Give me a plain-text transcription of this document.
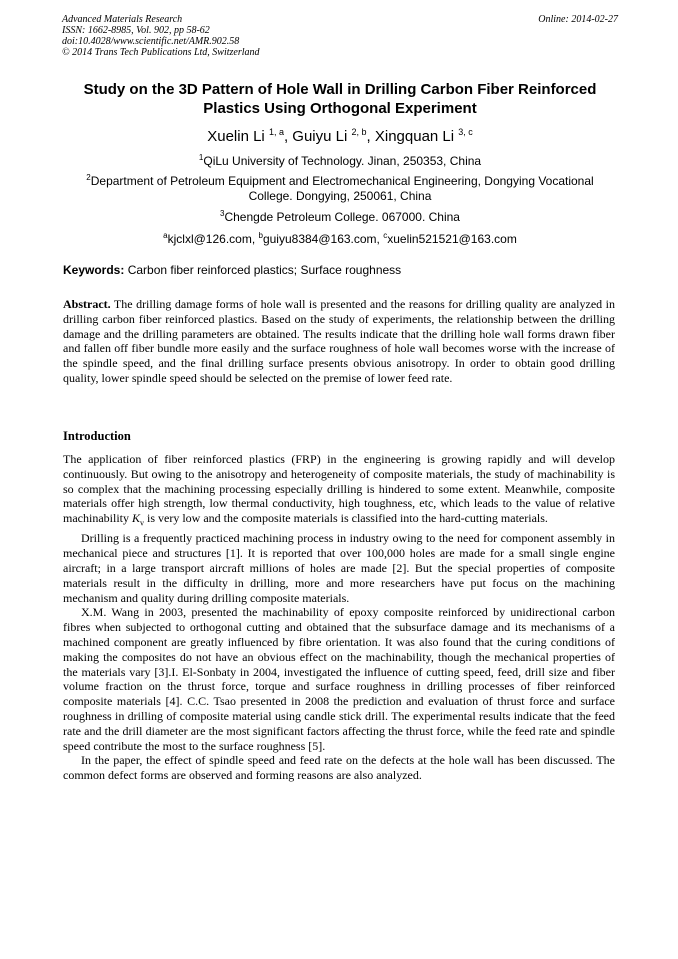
Advanced Materials Research
ISSN: 1662-8985, Vol. 902, pp 58-62
doi:10.4028/www.scientific.net/AMR.902.58
© 2014 Trans Tech Publications Ltd, Switzerland
Online: 2014-02-27
Study on the 3D Pattern of Hole Wall in Drilling Carbon Fiber Reinforced
Plastics Using Orthogonal Experiment
Xuelin Li $^{1, a}$, Guiyu Li $^{2, b}$, Xingquan Li $^{3, c}$
$^1$QiLu University of Technology. Jinan, 250353, China
$^2$Department of Petroleum Equipment and Electromechanical Engineering, Dongying Vocational
College. Dongying, 250061, China
$^3$Chengde Petroleum College. 067000. China
$^a$kjclxl@126.com, $^b$guiyu8384@163.com, $^c$xuelin521521@163.com
Keywords: Carbon fiber reinforced plastics; Surface roughness
Abstract. The drilling damage forms of hole wall is presented and the reasons for drilling quality are analyzed in drilling carbon fiber reinforced plastics. Based on the study of experiments, the relationship between the drilling damage and the drilling parameters are obtained. The results indicate that the drilling hole wall forms drawn fiber and fallen off fiber bundle more easily and the surface roughness of hole wall becomes worse with the increase of the spindle speed, and the final drilling surface presents obvious anisotropy. In order to obtain good drilling quality, lower spindle speed should be selected on the premise of lower feed rate.
Introduction

The application of fiber reinforced plastics (FRP) in the engineering is growing rapidly and will develop continuously. But owing to the anisotropy and heterogeneity of composite materials, the study of machinability is so complex that the machining processing especially drilling is hindered to some extent. Meanwhile, composite materials offer high strength, low thermal conductivity, high toughness, etc, which leads to the value of relative machinability $K_v$ is very low and the composite materials is classified into the hard-cutting materials.

Drilling is a frequently practiced machining process in industry owing to the need for component assembly in mechanical piece and structures [1]. It is reported that over 100,000 holes are made for a small single engine aircraft; in a large transport aircraft millions of holes are made [2]. But the special properties of composite materials result in the difficulty in drilling, more and more researchers have put focus on the machining mechanism and quality during drilling composite materials.

X.M. Wang in 2003, presented the machinability of epoxy composite reinforced by unidirectional carbon fibres when subjected to orthogonal cutting and obtained that the subsurface damage and its mechanisms of a machined component are greatly influenced by fibre orientation. It was also found that the curing conditions of making the composites do not have an obvious effect on the machinability, though the mechanical properties of the materials vary [3].I. El-Sonbaty in 2004, investigated the influence of cutting speed, feed, drill size and fiber volume fraction on the thrust force, torque and surface roughness in drilling processes of fiber reinforced composite materials [4]. C.C. Tsao presented in 2008 the prediction and evaluation of thrust force and surface roughness in drilling of composite material using candle stick drill. The experimental results indicate that the feed rate and the drill diameter are the most significant factors affecting the thrust force, while the feed rate and spindle speed contribute the most to the surface roughness [5].

In the paper, the effect of spindle speed and feed rate on the defects at the hole wall has been discussed. The common defect forms are observed and forming reasons are also analyzed.
